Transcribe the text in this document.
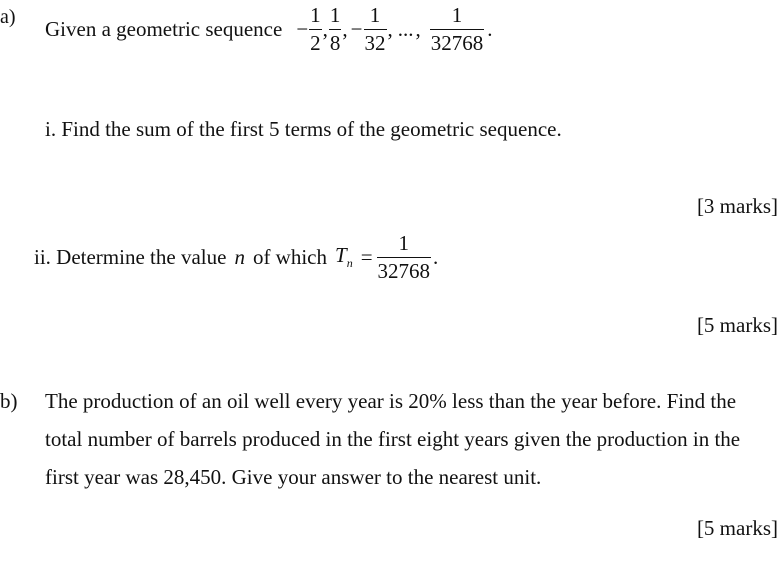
a) Given a geometric sequence − $\frac{1}{2}$ , $\frac{1}{8}$ , − $\frac{1}{32}$ , ... , $\frac{1}{32768}$ .
i. Find the sum of the first 5 terms of the geometric sequence.
[3 marks]
ii. Determine the value n of which $T_n = \frac{1}{32768}$ .
[5 marks]
b) The production of an oil well every year is 20% less than the year before. Find the
total number of barrels produced in the first eight years given the production in the
first year was 28,450. Give your answer to the nearest unit.
[5 marks]
